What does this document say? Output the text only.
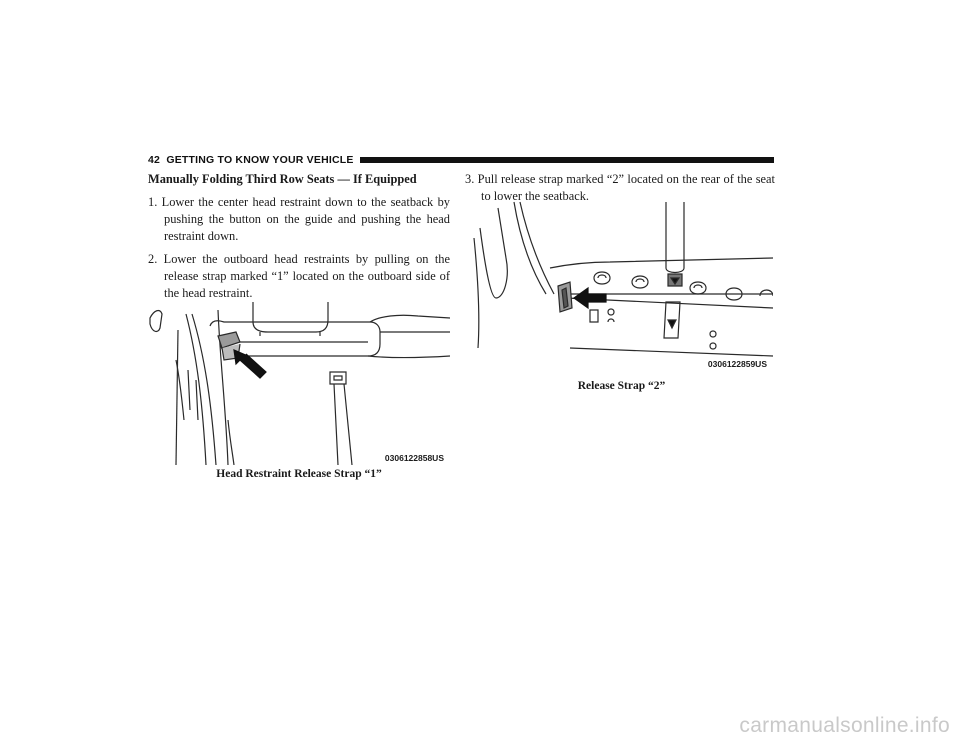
42 GETTING TO KNOW YOUR VEHICLE
Manually Folding Third Row Seats — If Equipped

1. Lower the center head restraint down to the seatback by pushing the button on the guide and pushing the head restraint down.

2. Lower the outboard head restraints by pulling on the release strap marked “1” located on the outboard side of the head restraint.

3. Pull release strap marked “2” located on the rear of the seat to lower the seatback.

0306122858US
Head Restraint Release Strap “1”
0306122859US
Release Strap “2”
carmanualsonline.info
